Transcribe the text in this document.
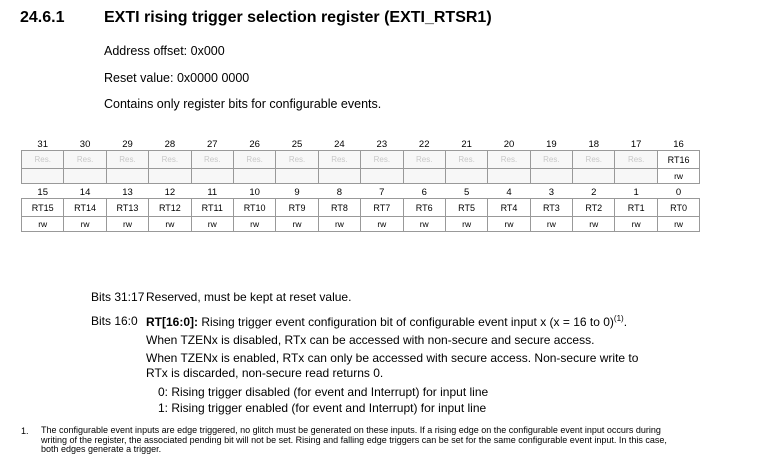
24.6.1 EXTI rising trigger selection register (EXTI_RTSR1)
Address offset: 0x000
Reset value: 0x0000 0000
Contains only register bits for configurable events.
31	30	29	28	27	26	25	24	23	22	21	20	19	18	17	16
Res.	Res.	Res.	Res.	Res.	Res.	Res.	Res.	Res.	Res.	Res.	Res.	Res.	Res.	Res.	RT16
															rw
15	14	13	12	11	10	9	8	7	6	5	4	3	2	1	0
RT15	RT14	RT13	RT12	RT11	RT10	RT9	RT8	RT7	RT6	RT5	RT4	RT3	RT2	RT1	RT0
rw	rw	rw	rw	rw	rw	rw	rw	rw	rw	rw	rw	rw	rw	rw	rw
Bits 31:17 Reserved, must be kept at reset value.
Bits 16:0 RT[16:0]: Rising trigger event configuration bit of configurable event input x (x = 16 to 0)$^{(1)}$.
When TZENx is disabled, RTx can be accessed with non-secure and secure access.
When TZENx is enabled, RTx can only be accessed with secure access. Non-secure write to
RTx is discarded, non-secure read returns 0.
0: Rising trigger disabled (for event and Interrupt) for input line
1: Rising trigger enabled (for event and Interrupt) for input line
1. The configurable event inputs are edge triggered, no glitch must be generated on these inputs. If a rising edge on the configurable event input occurs during writing of the register, the associated pending bit will not be set. Rising and falling edge triggers can be set for the same configurable event input. In this case, both edges generate a trigger.
